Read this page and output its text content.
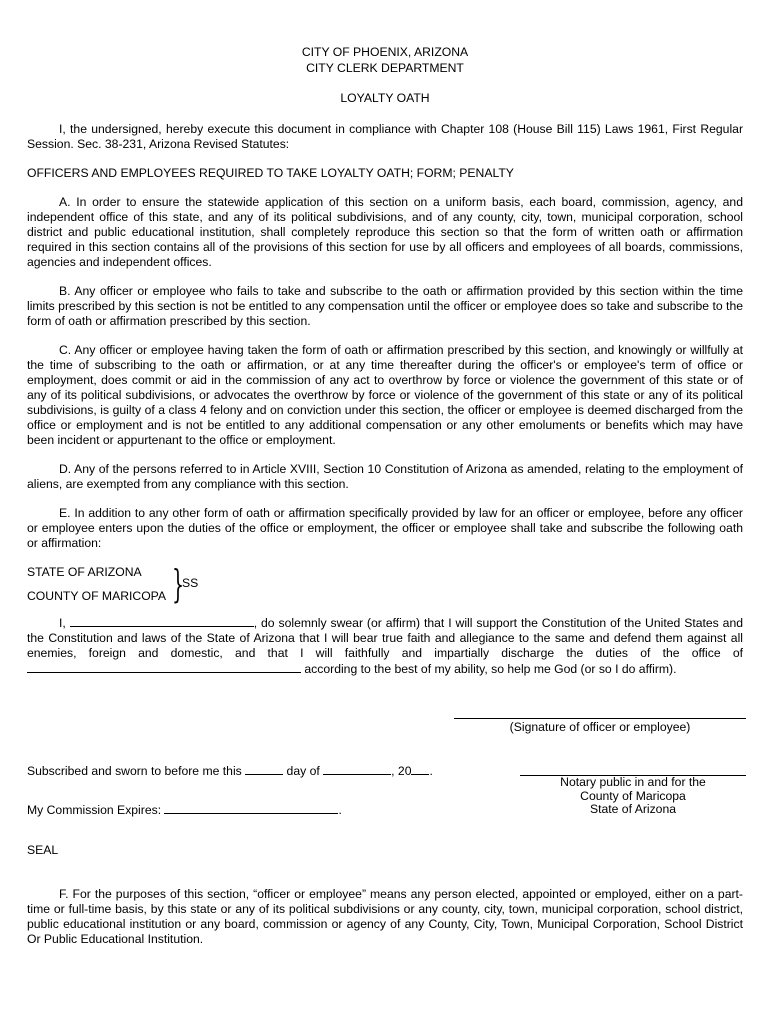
CITY OF PHOENIX, ARIZONA
CITY CLERK DEPARTMENT
LOYALTY OATH

I, the undersigned, hereby execute this document in compliance with Chapter 108 (House Bill 115) Laws 1961, First Regular Session. Sec. 38-231, Arizona Revised Statutes:

OFFICERS AND EMPLOYEES REQUIRED TO TAKE LOYALTY OATH; FORM; PENALTY

A. In order to ensure the statewide application of this section on a uniform basis, each board, commission, agency, and independent office of this state, and any of its political subdivisions, and of any county, city, town, municipal corporation, school district and public educational institution, shall completely reproduce this section so that the form of written oath or affirmation required in this section contains all of the provisions of this section for use by all officers and employees of all boards, commissions, agencies and independent offices.

B. Any officer or employee who fails to take and subscribe to the oath or affirmation provided by this section within the time limits prescribed by this section is not be entitled to any compensation until the officer or employee does so take and subscribe to the form of oath or affirmation prescribed by this section.

C. Any officer or employee having taken the form of oath or affirmation prescribed by this section, and knowingly or willfully at the time of subscribing to the oath or affirmation, or at any time thereafter during the officer's or employee's term of office or employment, does commit or aid in the commission of any act to overthrow by force or violence the government of this state or of any of its political subdivisions, or advocates the overthrow by force or violence of the government of this state or any of its political subdivisions, is guilty of a class 4 felony and on conviction under this section, the officer or employee is deemed discharged from the office or employment and is not be entitled to any additional compensation or any other emoluments or benefits which may have been incident or appurtenant to the office or employment.

D. Any of the persons referred to in Article XVIII, Section 10 Constitution of Arizona as amended, relating to the employment of aliens, are exempted from any compliance with this section.

E. In addition to any other form of oath or affirmation specifically provided by law for an officer or employee, before any officer or employee enters upon the duties of the office or employment, the officer or employee shall take and subscribe the following oath or affirmation:

STATE OF ARIZONA
COUNTY OF MARICOPA }
SS

I,	, do solemnly swear (or affirm) that I will support the Constitution of the United States and the Constitution and laws of the State of Arizona that I will bear true faith and allegiance to the same and defend them against all enemies, foreign and domestic, and that I will faithfully and impartially discharge the duties of the office of  according to the best of my ability, so help me God (or so I do affirm).

(Signature of officer or employee)
Subscribed and sworn to before me this	day of	, 20 .
Notary public in and for the
County of Maricopa
State of Arizona
My Commission Expires:	.
SEAL

F. For the purposes of this section, “officer or employee” means any person elected, appointed or employed, either on a part-time or full-time basis, by this state or any of its political subdivisions or any county, city, town, municipal corporation, school district, public educational institution or any board, commission or agency of any County, City, Town, Municipal Corporation, School District Or Public Educational Institution.
